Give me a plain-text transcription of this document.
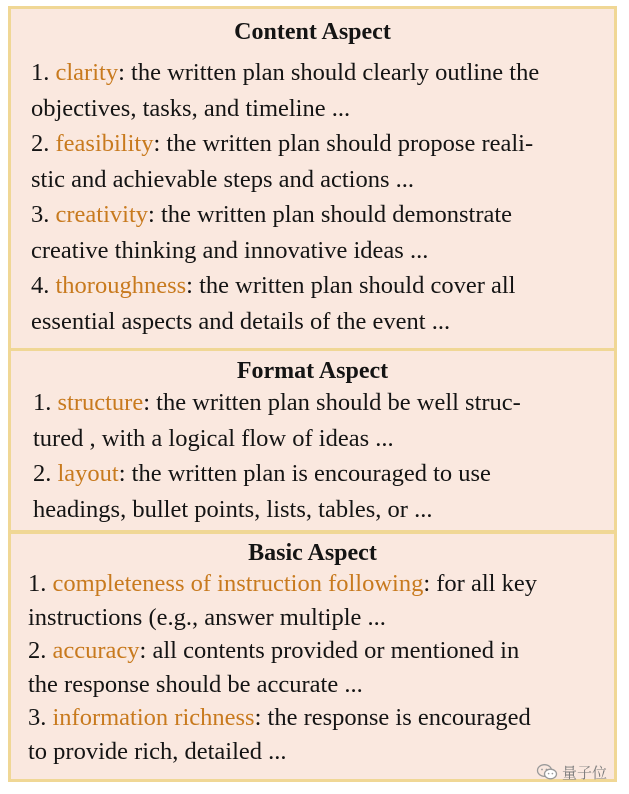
Content Aspect
1. clarity: the written plan should clearly outline the
objectives, tasks, and timeline ...
2. feasibility: the written plan should propose reali-
stic and achievable steps and actions ...
3. creativity: the written plan should demonstrate
creative thinking and innovative ideas ...
4. thoroughness: the written plan should cover all
essential aspects and details of the event ...
Format Aspect
1. structure: the written plan should be well struc-
tured , with a logical flow of ideas ...
2. layout: the written plan is encouraged to use
headings, bullet points, lists, tables, or ...
Basic Aspect
1. completeness of instruction following: for all key
instructions (e.g., answer multiple ...
2. accuracy: all contents provided or mentioned in
the response should be accurate ...
3. information richness: the response is encouraged
to provide rich, detailed ...
量子位
